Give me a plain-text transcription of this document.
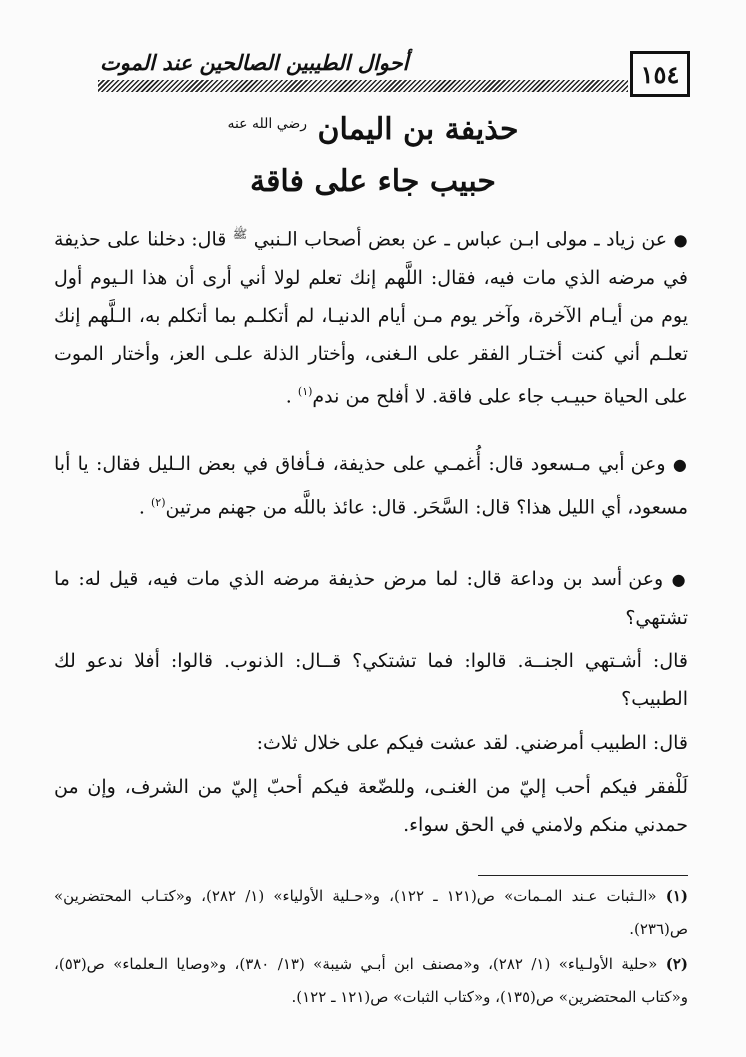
أحوال الطيبين الصالحين عند الموت	١٥٤
حذيفة بن اليمان $^{رضي الله عنه}$
حبيب جاء على فاقة
● عن زياد ـ مولى ابـن عباس ـ عن بعض أصحاب الـنبي $^ﷺ$ قال: دخلنا على حذيفة في مرضه الذي مات فيه، فقال: اللَّهم إنك تعلم لولا أني أرى أن هذا الـيوم أول يوم من أيـام الآخرة، وآخر يوم مـن أيام الدنيـا، لم أتكلـم بما أتكلم به، الـلَّهم إنك تعلـم أني كنت أختـار الفقر على الـغنى، وأختار الذلة علـى العز، وأختار الموت على الحياة حبيـب جاء على فاقة. لا أفلح من ندم$^{(١)}$ .
● وعن أبي مـسعود قال: أُغمـي على حذيفة، فـأفاق في بعض الـليل فقال: يا أبا مسعود، أي الليل هذا؟ قال: السَّحَر. قال: عائذ باللَّه من جهنم مرتين$^{(٢)}$ .
● وعن أسد بن وداعة قال: لما مرض حذيفة مرضه الذي مات فيه، قيل له: ما تشتهي؟
قال: أشـتهي الجنــة. قالوا: فما تشتكي؟ قــال: الذنوب. قالوا: أفلا ندعو لك الطبيب؟
قال: الطبيب أمرضني. لقد عشت فيكم على خلال ثلاث:
لَلْفقر فيكم أحب إليّ من الغنـى، وللضّعة فيكم أحبّ إليّ من الشرف، وإن من حمدني منكم ولامني في الحق سواء.

(١) «الـثبات عـند المـمات» ص(١٢١ ـ ١٢٢)، و«حـلية الأولياء» (١/ ٢٨٢)، و«كتـاب المحتضرين» ص(٢٣٦).

(٢) «حلية الأولـياء» (١/ ٢٨٢)، و«مصنف ابن أبـي شيبة» (١٣/ ٣٨٠)، و«وصايا الـعلماء» ص(٥٣)، و«كتاب المحتضرين» ص(١٣٥)، و«كتاب الثبات» ص(١٢١ ـ ١٢٢).
